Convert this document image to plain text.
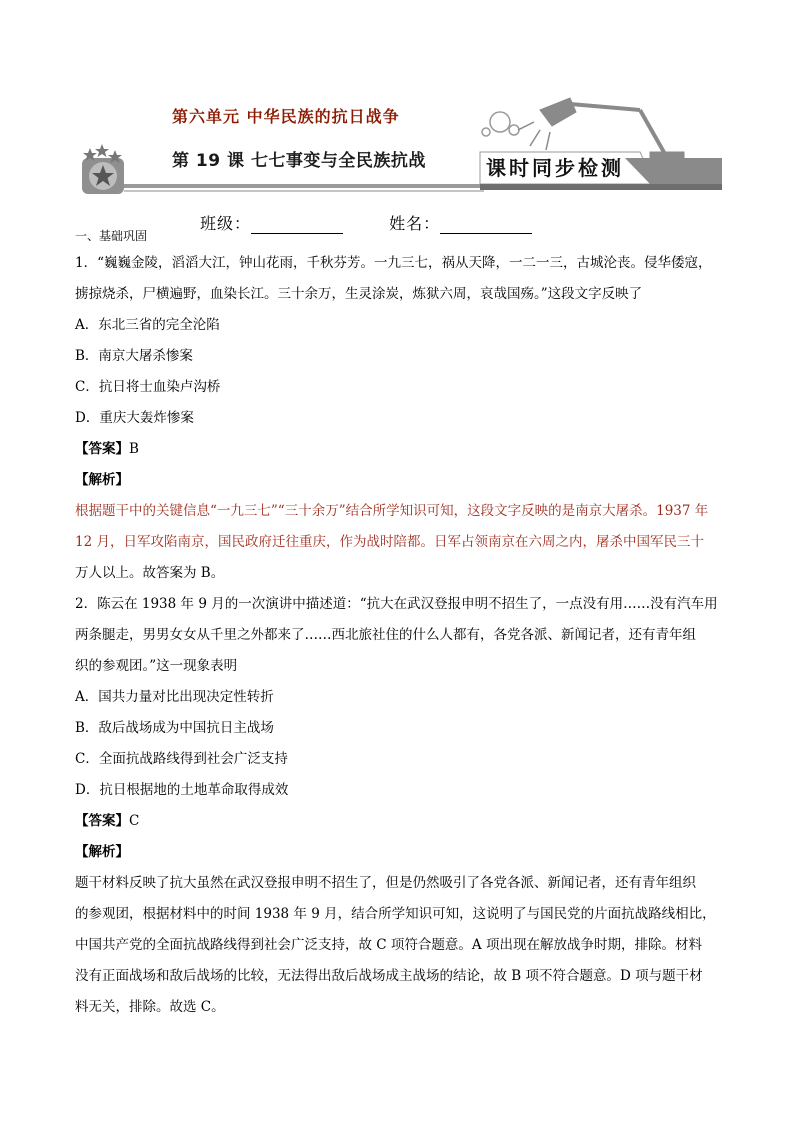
第六单元 中华民族的抗日战争
第 19 课 七七事变与全民族抗战	课时同步检测
班级：	姓名：
一、基础巩固

1．“巍巍金陵，滔滔大江，钟山花雨，千秋芬芳。一九三七，祸从天降，一二一三，古城沦丧。侵华倭寇，

掳掠烧杀，尸横遍野，血染长江。三十余万，生灵涂炭，炼狱六周，哀哉国殇。”这段文字反映了

A．东北三省的完全沦陷

B．南京大屠杀惨案

C．抗日将士血染卢沟桥

D．重庆大轰炸惨案

【答案】B

【解析】

根据题干中的关键信息“一九三七”“三十余万”结合所学知识可知，这段文字反映的是南京大屠杀。1937 年

12 月，日军攻陷南京，国民政府迁往重庆，作为战时陪都。日军占领南京在六周之内，屠杀中国军民三十

万人以上。故答案为 B。

2．陈云在 1938 年 9 月的一次演讲中描述道：“抗大在武汉登报申明不招生了，一点没有用……没有汽车用

两条腿走，男男女女从千里之外都来了……西北旅社住的什么人都有，各党各派、新闻记者，还有青年组

织的参观团。”这一现象表明

A．国共力量对比出现决定性转折

B．敌后战场成为中国抗日主战场

C．全面抗战路线得到社会广泛支持

D．抗日根据地的土地革命取得成效

【答案】C

【解析】

题干材料反映了抗大虽然在武汉登报申明不招生了，但是仍然吸引了各党各派、新闻记者，还有青年组织

的参观团，根据材料中的时间 1938 年 9 月，结合所学知识可知，这说明了与国民党的片面抗战路线相比，

中国共产党的全面抗战路线得到社会广泛支持，故 C 项符合题意。A 项出现在解放战争时期，排除。材料

没有正面战场和敌后战场的比较，无法得出敌后战场成主战场的结论，故 B 项不符合题意。D 项与题干材

料无关，排除。故选 C。
